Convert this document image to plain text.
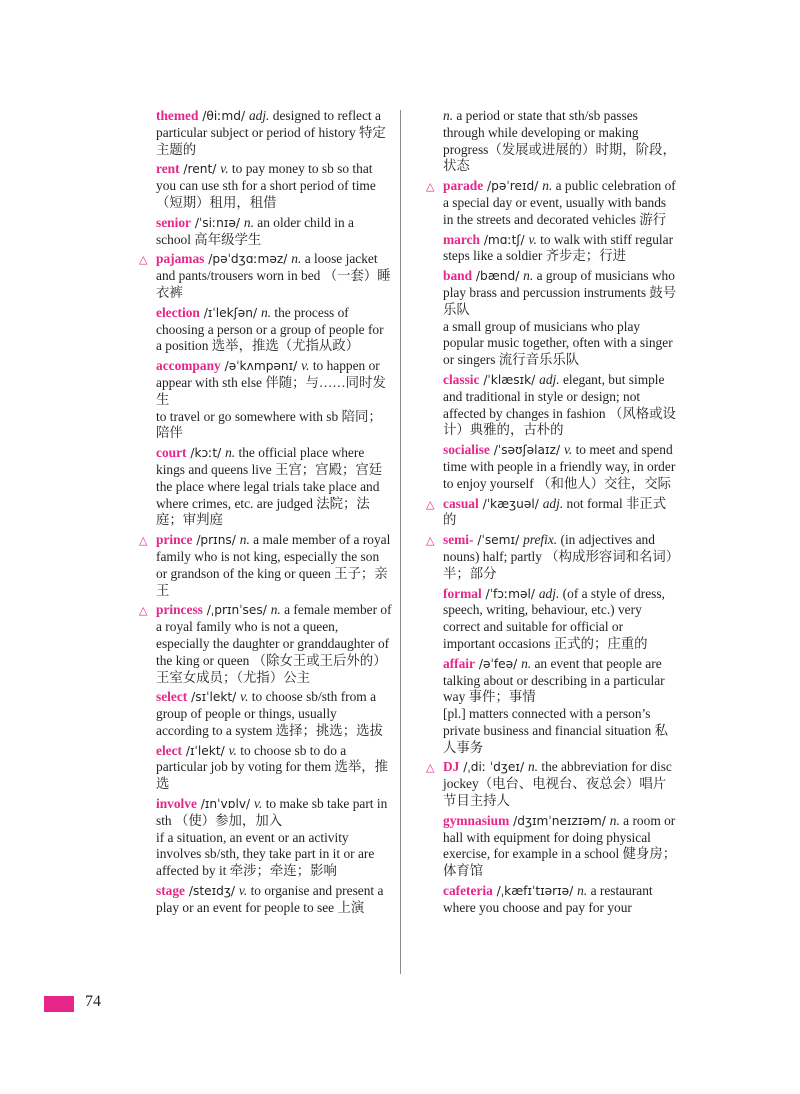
themed /θiːmd/ adj. designed to reflect a particular subject or period of history 特定主题的
rent /rent/ v. to pay money to sb so that you can use sth for a short period of time （短期）租用，租借
senior /ˈsiːnɪə/ n. an older child in a school 高年级学生
△ pajamas /pəˈdʒɑːməz/ n. a loose jacket and pants/trousers worn in bed （一套）睡衣裤
election /ɪˈlekʃən/ n. the process of choosing a person or a group of people for a position 选举，推选（尤指从政）
accompany /əˈkʌmpənɪ/ v. to happen or appear with sth else 伴随；与……同时发生
to travel or go somewhere with sb 陪同；陪伴
court /kɔːt/ n. the official place where kings and queens live 王宫；宫殿；宫廷
the place where legal trials take place and where crimes, etc. are judged 法院；法庭；审判庭
△ prince /prɪns/ n. a male member of a royal family who is not king, especially the son or grandson of the king or queen 王子；亲王
△ princess /ˌprɪnˈses/ n. a female member of a royal family who is not a queen, especially the daughter or granddaughter of the king or queen （除女王或王后外的）王室女成员；（尤指）公主
select /sɪˈlekt/ v. to choose sb/sth from a group of people or things, usually according to a system 选择；挑选；选拔
elect /ɪˈlekt/ v. to choose sb to do a particular job by voting for them 选举，推选
involve /ɪnˈvɒlv/ v. to make sb take part in sth （使）参加，加入
if a situation, an event or an activity involves sb/sth, they take part in it or are affected by it 牵涉；牵连；影响
stage /steɪdʒ/ v. to organise and present a play or an event for people to see 上演
n. a period or state that sth/sb passes through while developing or making progress（发展或进展的）时期，阶段，状态
△ parade /pəˈreɪd/ n. a public celebration of a special day or event, usually with bands in the streets and decorated vehicles 游行
march /mɑːtʃ/ v. to walk with stiff regular steps like a soldier 齐步走；行进
band /bænd/ n. a group of musicians who play brass and percussion instruments 鼓号乐队
a small group of musicians who play popular music together, often with a singer or singers 流行音乐乐队
classic /ˈklæsɪk/ adj. elegant, but simple and traditional in style or design; not affected by changes in fashion （风格或设计）典雅的，古朴的
socialise /ˈsəʊʃəlaɪz/ v. to meet and spend time with people in a friendly way, in order to enjoy yourself （和他人）交往，交际
△ casual /ˈkæʒuəl/ adj. not formal 非正式的
△ semi- /ˈsemɪ/ prefix. (in adjectives and nouns) half; partly （构成形容词和名词）半；部分
formal /ˈfɔːməl/ adj. (of a style of dress, speech, writing, behaviour, etc.) very correct and suitable for official or important occasions 正式的；庄重的
affair /əˈfeə/ n. an event that people are talking about or describing in a particular way 事件；事情
[pl.] matters connected with a person’s private business and financial situation 私人事务
△ DJ /ˌdiː ˈdʒeɪ/ n. the abbreviation for disc jockey（电台、电视台、夜总会）唱片节目主持人
gymnasium /dʒɪmˈneɪzɪəm/ n. a room or hall with equipment for doing physical exercise, for example in a school 健身房；体育馆
cafeteria /ˌkæfɪˈtɪərɪə/ n. a restaurant where you choose and pay for your
74
